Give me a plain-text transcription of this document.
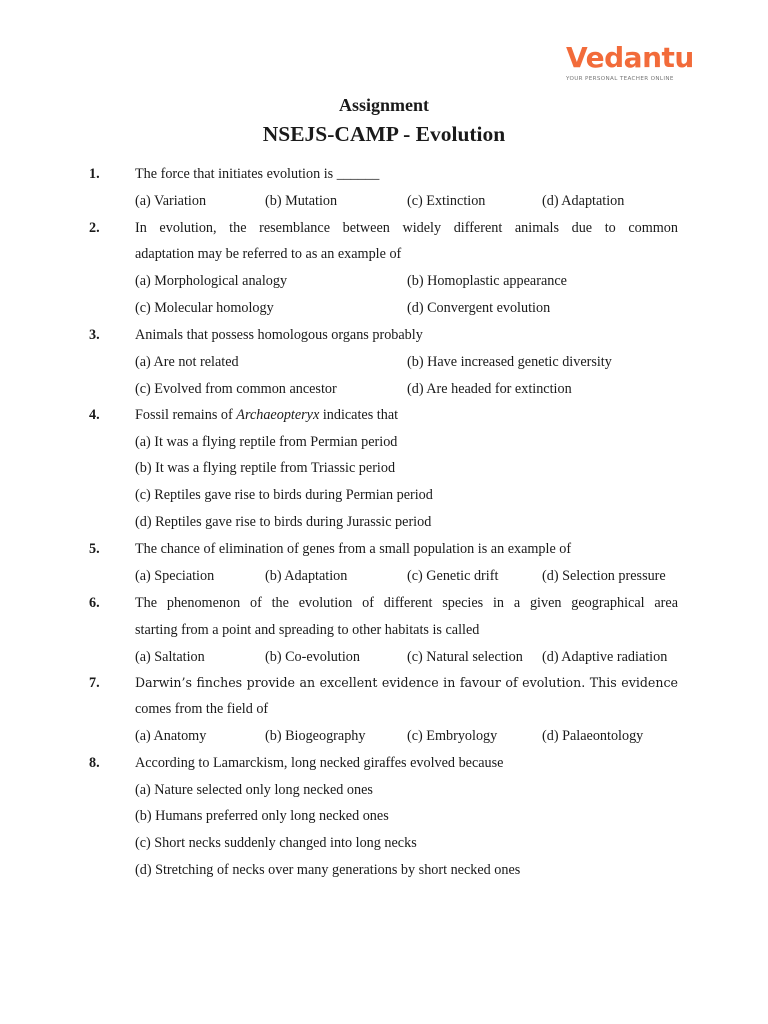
Vedantu
YOUR PERSONAL TEACHER ONLINE
Assignment
NSEJS-CAMP - Evolution
1.	The force that initiates evolution is ______
(a) Variation	(b) Mutation	(c) Extinction	(d) Adaptation
2.	In evolution, the resemblance between widely different animals due to common
adaptation may be referred to as an example of
(a) Morphological analogy	(b) Homoplastic appearance
(c) Molecular homology	(d) Convergent evolution
3.	Animals that possess homologous organs probably
(a) Are not related	(b) Have increased genetic diversity
(c) Evolved from common ancestor	(d) Are headed for extinction
4.	Fossil remains of Archaeopteryx indicates that
(a) It was a flying reptile from Permian period
(b) It was a flying reptile from Triassic period
(c) Reptiles gave rise to birds during Permian period
(d) Reptiles gave rise to birds during Jurassic period
5.	The chance of elimination of genes from a small population is an example of
(a) Speciation	(b) Adaptation	(c) Genetic drift	(d) Selection pressure
6.	The phenomenon of the evolution of different species in a given geographical area
starting from a point and spreading to other habitats is called
(a) Saltation	(b) Co-evolution	(c) Natural selection (d) Adaptive radiation
7.	Darwin’s finches provide an excellent evidence in favour of evolution. This evidence
comes from the field of
(a) Anatomy	(b) Biogeography	(c) Embryology	(d) Palaeontology
8.	According to Lamarckism, long necked giraffes evolved because
(a) Nature selected only long necked ones
(b) Humans preferred only long necked ones
(c) Short necks suddenly changed into long necks
(d) Stretching of necks over many generations by short necked ones
